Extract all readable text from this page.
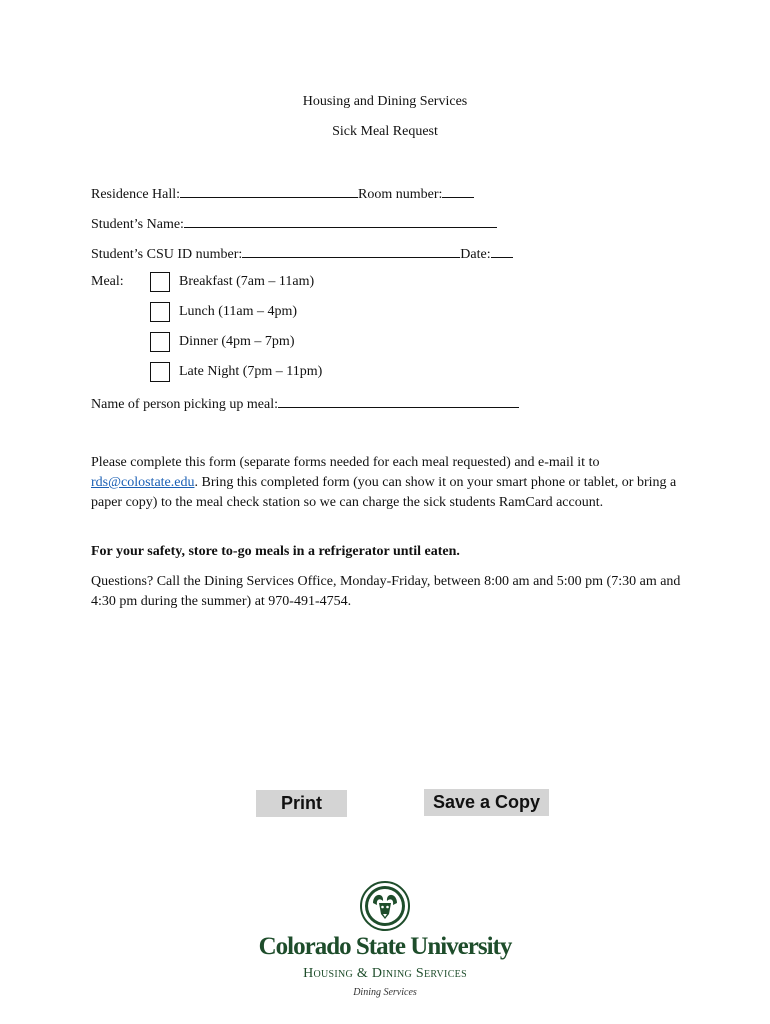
Housing and Dining Services
Sick Meal Request
Residence Hall:	Room number:
Student’s Name:
Student’s CSU ID number:	Date:
Meal:	Breakfast (7am – 11am)
Lunch (11am – 4pm)
Dinner (4pm – 7pm)
Late Night (7pm – 11pm)
Name of person picking up meal:
Please complete this form (separate forms needed for each meal requested) and e-mail it to rds@colostate.edu. Bring this completed form (you can show it on your smart phone or tablet, or bring a paper copy) to the meal check station so we can charge the sick students RamCard account.
For your safety, store to-go meals in a refrigerator until eaten.
Questions? Call the Dining Services Office, Monday-Friday, between 8:00 am and 5:00 pm (7:30 am and 4:30 pm during the summer) at 970-491-4754.
Print	Save a Copy
Colorado State University
Housing & Dining Services
Dining Services
